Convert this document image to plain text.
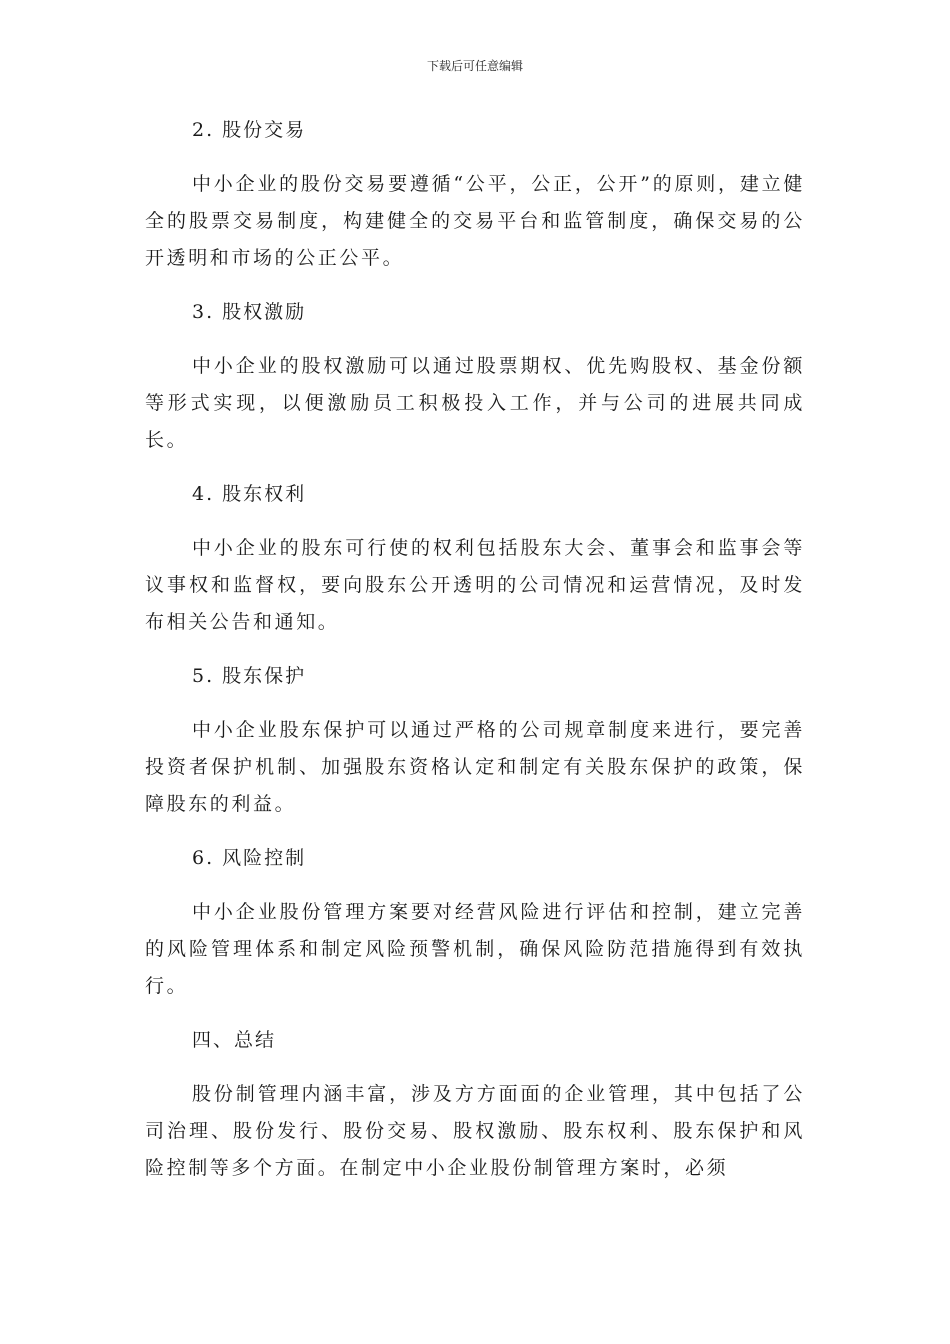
下载后可任意编辑
2. 股份交易
中小企业的股份交易要遵循“公平，公正，公开”的原则，建立健全的股票交易制度，构建健全的交易平台和监管制度，确保交易的公开透明和市场的公正公平。
3. 股权激励
中小企业的股权激励可以通过股票期权、优先购股权、基金份额等形式实现，以便激励员工积极投入工作，并与公司的进展共同成长。
4. 股东权利
中小企业的股东可行使的权利包括股东大会、董事会和监事会等议事权和监督权，要向股东公开透明的公司情况和运营情况，及时发布相关公告和通知。
5. 股东保护
中小企业股东保护可以通过严格的公司规章制度来进行，要完善投资者保护机制、加强股东资格认定和制定有关股东保护的政策，保障股东的利益。
6. 风险控制
中小企业股份管理方案要对经营风险进行评估和控制，建立完善的风险管理体系和制定风险预警机制，确保风险防范措施得到有效执行。
四、总结
股份制管理内涵丰富，涉及方方面面的企业管理，其中包括了公司治理、股份发行、股份交易、股权激励、股东权利、股东保护和风险控制等多个方面。在制定中小企业股份制管理方案时，必须
